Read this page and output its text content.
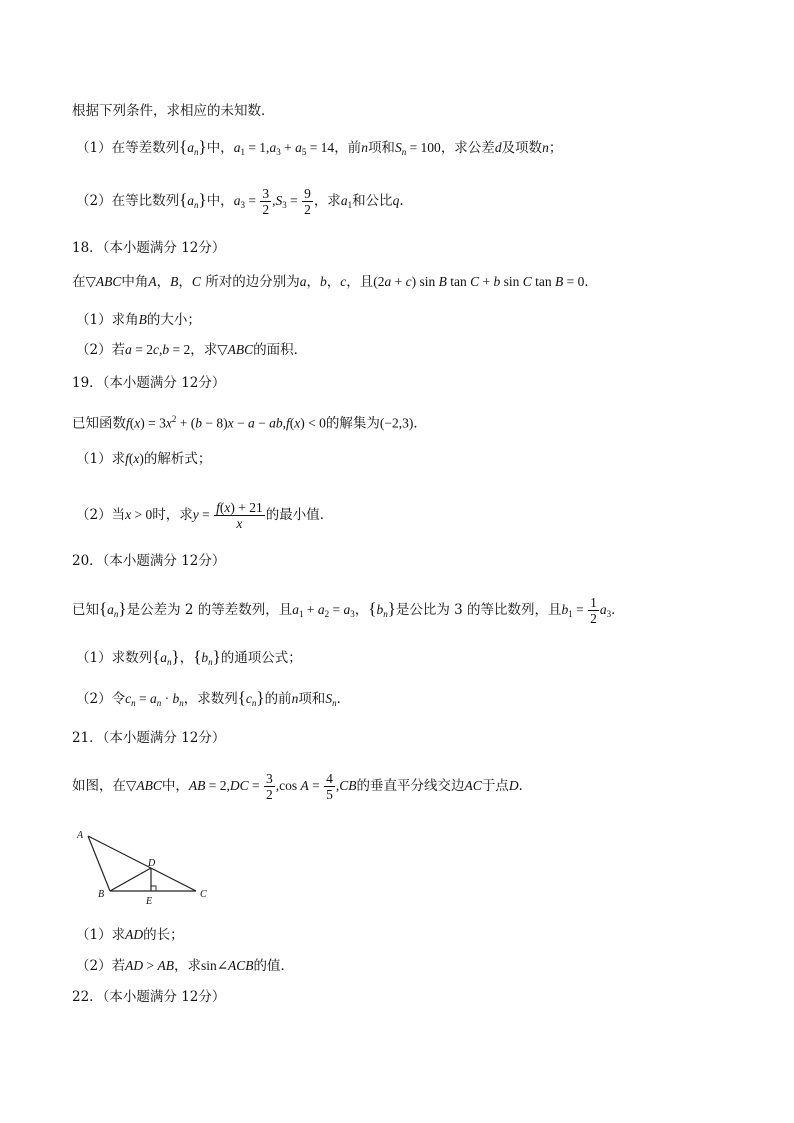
根据下列条件，求相应的未知数．
（1）在等差数列$\{a_n\}$中，$a_1 = 1,a_3 + a_5 = 14$，前n项和$S_n = 100$，求公差d及项数n；
（2）在等比数列$\{a_n\}$中，$a_3 = \frac{3}{2} ,S_3 = \frac{9}{2}$ ，求$a_1$和公比q.
18．（本小题满分 12分）
在▽ABC中角A，B，C 所对的边分别为a，b，c，且(2a + c) sin B tan C + b sin C tan B = 0．
（1）求角B的大小；
（2）若a = 2c,b = 2，求▽ABC的面积．
19．（本小题满分 12分）
已知函数$f(x) = 3x^2 + (b - 8)x - a - ab,f(x) < 0$的解集为(−2,3)．
（1）求f(x)的解析式；
（2）当x > 0时，求$y = \frac{f(x) + 21}{x}$ 的最小值．
20．（本小题满分 12分）
已知$\{a_n\}$是公差为 2 的等差数列，且$a_1 + a_2 = a_3$，$\{b_n\}$是公比为 3 的等比数列，且$b_1 = \frac{1}{2} a_3$．
（1）求数列$\{a_n\}$，$\{b_n\}$的通项公式；
（2）令$c_n = a_n \cdot b_n$，求数列$\{c_n\}$的前n项和$S_n$．
21．（本小题满分 12分）
如图，在▽ABC中，AB = $2,DC = \frac{3}{2} ,\cos$ $A = \frac{4}{5} ,CB$的垂直平分线交边AC于点D．
A
B	C
D
E
（1）求AD的长；
（2）若AD > AB，求sin∠ACB的值．
22．（本小题满分 12分）
